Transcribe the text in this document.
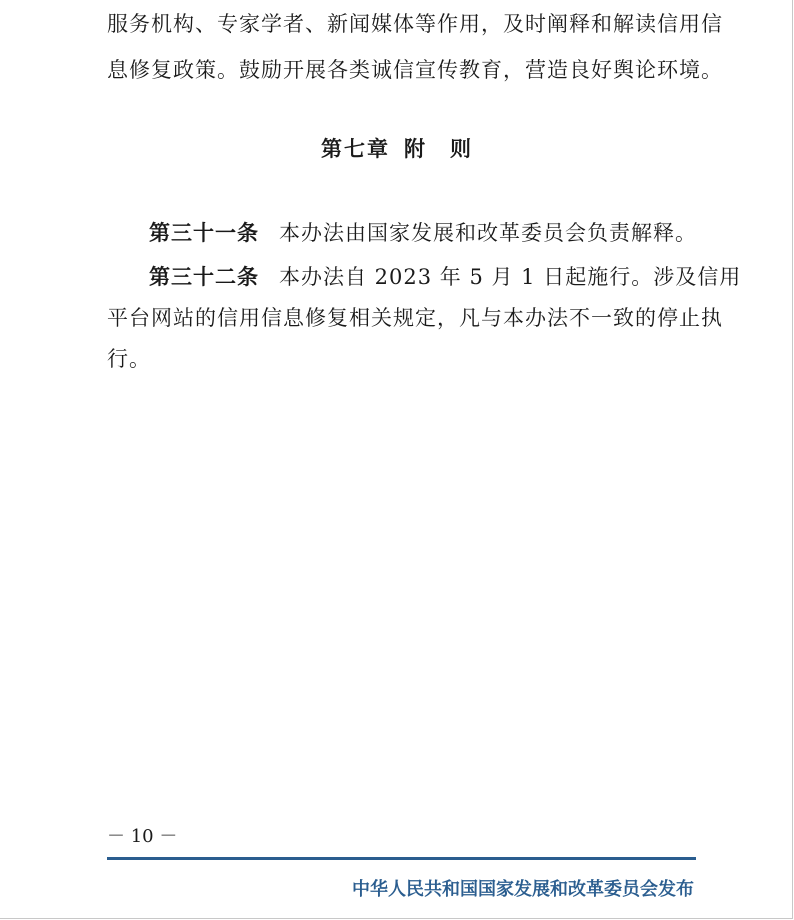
服务机构、专家学者、新闻媒体等作用，及时阐释和解读信用信
息修复政策。鼓励开展各类诚信宣传教育，营造良好舆论环境。
第七章 附　则
第三十一条 本办法由国家发展和改革委员会负责解释。
第三十二条 本办法自 2023 年 5 月 1 日起施行。涉及信用
平台网站的信用信息修复相关规定，凡与本办法不一致的停止执
行。
－ 10 －
中华人民共和国国家发展和改革委员会发布
